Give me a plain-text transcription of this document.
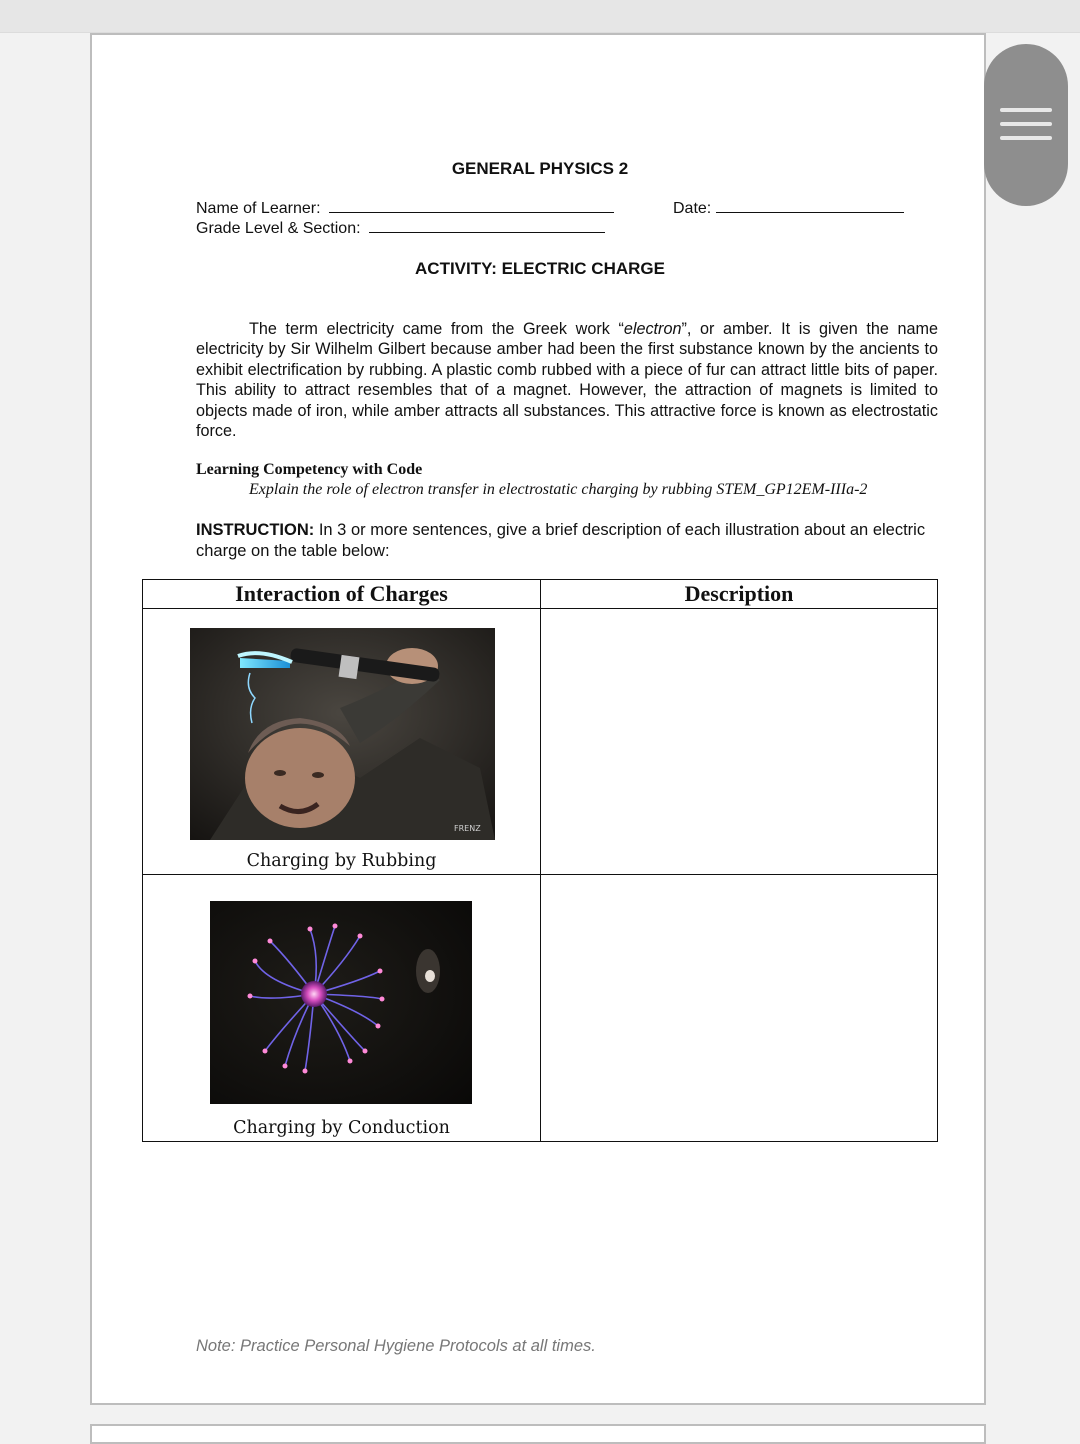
GENERAL PHYSICS 2
Name of Learner:	Date:
Grade Level & Section:
ACTIVITY: ELECTRIC CHARGE
The term electricity came from the Greek work “electron”, or amber. It is given the name electricity by Sir Wilhelm Gilbert because amber had been the first substance known by the ancients to exhibit electrification by rubbing. A plastic comb rubbed with a piece of fur can attract little bits of paper. This ability to attract resembles that of a magnet. However, the attraction of magnets is limited to objects made of iron, while amber attracts all substances. This attractive force is known as electrostatic force.
Learning Competency with Code
Explain the role of electron transfer in electrostatic charging by rubbing STEM_GP12EM-IIIa-2
INSTRUCTION: In 3 or more sentences, give a brief description of each illustration about an electric charge on the table below:
Interaction of Charges	Description

FRENZ
Charging by Rubbing	

Charging by Conduction	

Note: Practice Personal Hygiene Protocols at all times.
